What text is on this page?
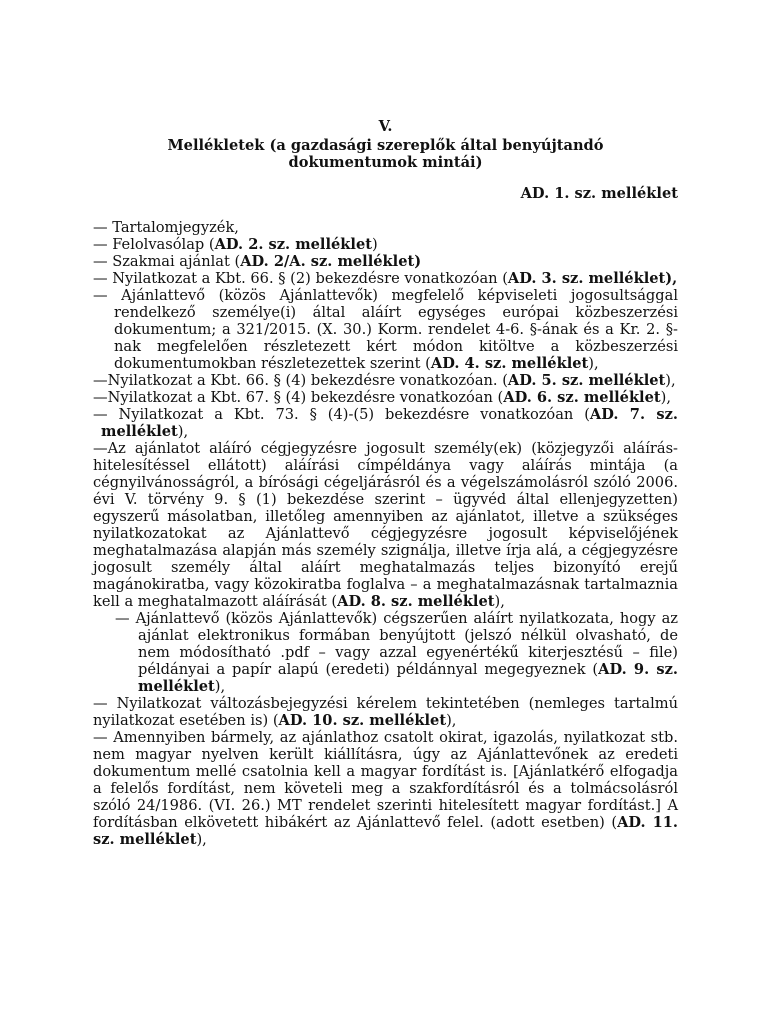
V.

Mellékletek (a gazdasági szereplők által benyújtandó dokumentumok mintái)

AD. 1. sz. melléklet

— Tartalomjegyzék,

— Felolvasólap (AD. 2. sz. melléklet)

— Szakmai ajánlat (AD. 2/A. sz. melléklet)

— Nyilatkozat a Kbt. 66. § (2) bekezdésre vonatkozóan (AD. 3. sz. melléklet),

— Ajánlattevő (közös Ajánlattevők) megfelelő képviseleti jogosultsággal rendelkező személye(i) által aláírt egységes európai közbeszerzési dokumentum; a 321/2015. (X. 30.) Korm. rendelet 4-6. §-ának és a Kr. 2. §-nak megfelelően részletezett kért módon kitöltve a közbeszerzési dokumentumokban részletezettek szerint (AD. 4. sz. melléklet),

—Nyilatkozat a Kbt. 66. § (4) bekezdésre vonatkozóan. (AD. 5. sz. melléklet),

—Nyilatkozat a Kbt. 67. § (4) bekezdésre vonatkozóan (AD. 6. sz. melléklet),

— Nyilatkozat a Kbt. 73. § (4)-(5) bekezdésre vonatkozóan (AD. 7. sz. melléklet),

—Az ajánlatot aláíró cégjegyzésre jogosult személy(ek) (közjegyzői aláírás-hitelesítéssel ellátott) aláírási címpéldánya vagy aláírás mintája (a cégnyilvánosságról, a bírósági cégeljárásról és a végelszámolásról szóló 2006. évi V. törvény 9. § (1) bekezdése szerint – ügyvéd által ellenjegyzetten) egyszerű másolatban, illetőleg amennyiben az ajánlatot, illetve a szükséges nyilatkozatokat az Ajánlattevő cégjegyzésre jogosult képviselőjének meghatalmazása alapján más személy szignálja, illetve írja alá, a cégjegyzésre jogosult személy által aláírt meghatalmazás teljes bizonyító erejű magánokiratba, vagy közokiratba foglalva – a meghatalmazásnak tartalmaznia kell a meghatalmazott aláírását (AD. 8. sz. melléklet),

— Ajánlattevő (közös Ajánlattevők) cégszerűen aláírt nyilatkozata, hogy az ajánlat elektronikus formában benyújtott (jelszó nélkül olvasható, de nem módosítható .pdf – vagy azzal egyenértékű kiterjesztésű – file) példányai a papír alapú (eredeti) példánnyal megegyeznek (AD. 9. sz. melléklet),

— Nyilatkozat változásbejegyzési kérelem tekintetében (nemleges tartalmú nyilatkozat esetében is) (AD. 10. sz. melléklet),

— Amennyiben bármely, az ajánlathoz csatolt okirat, igazolás, nyilatkozat stb. nem magyar nyelven került kiállításra, úgy az Ajánlattevőnek az eredeti dokumentum mellé csatolnia kell a magyar fordítást is. [Ajánlatkérő elfogadja a felelős fordítást, nem követeli meg a szakfordításról és a tolmácsolásról szóló 24/1986. (VI. 26.) MT rendelet szerinti hitelesített magyar fordítást.] A fordításban elkövetett hibákért az Ajánlattevő felel. (adott esetben) (AD. 11. sz. melléklet),
